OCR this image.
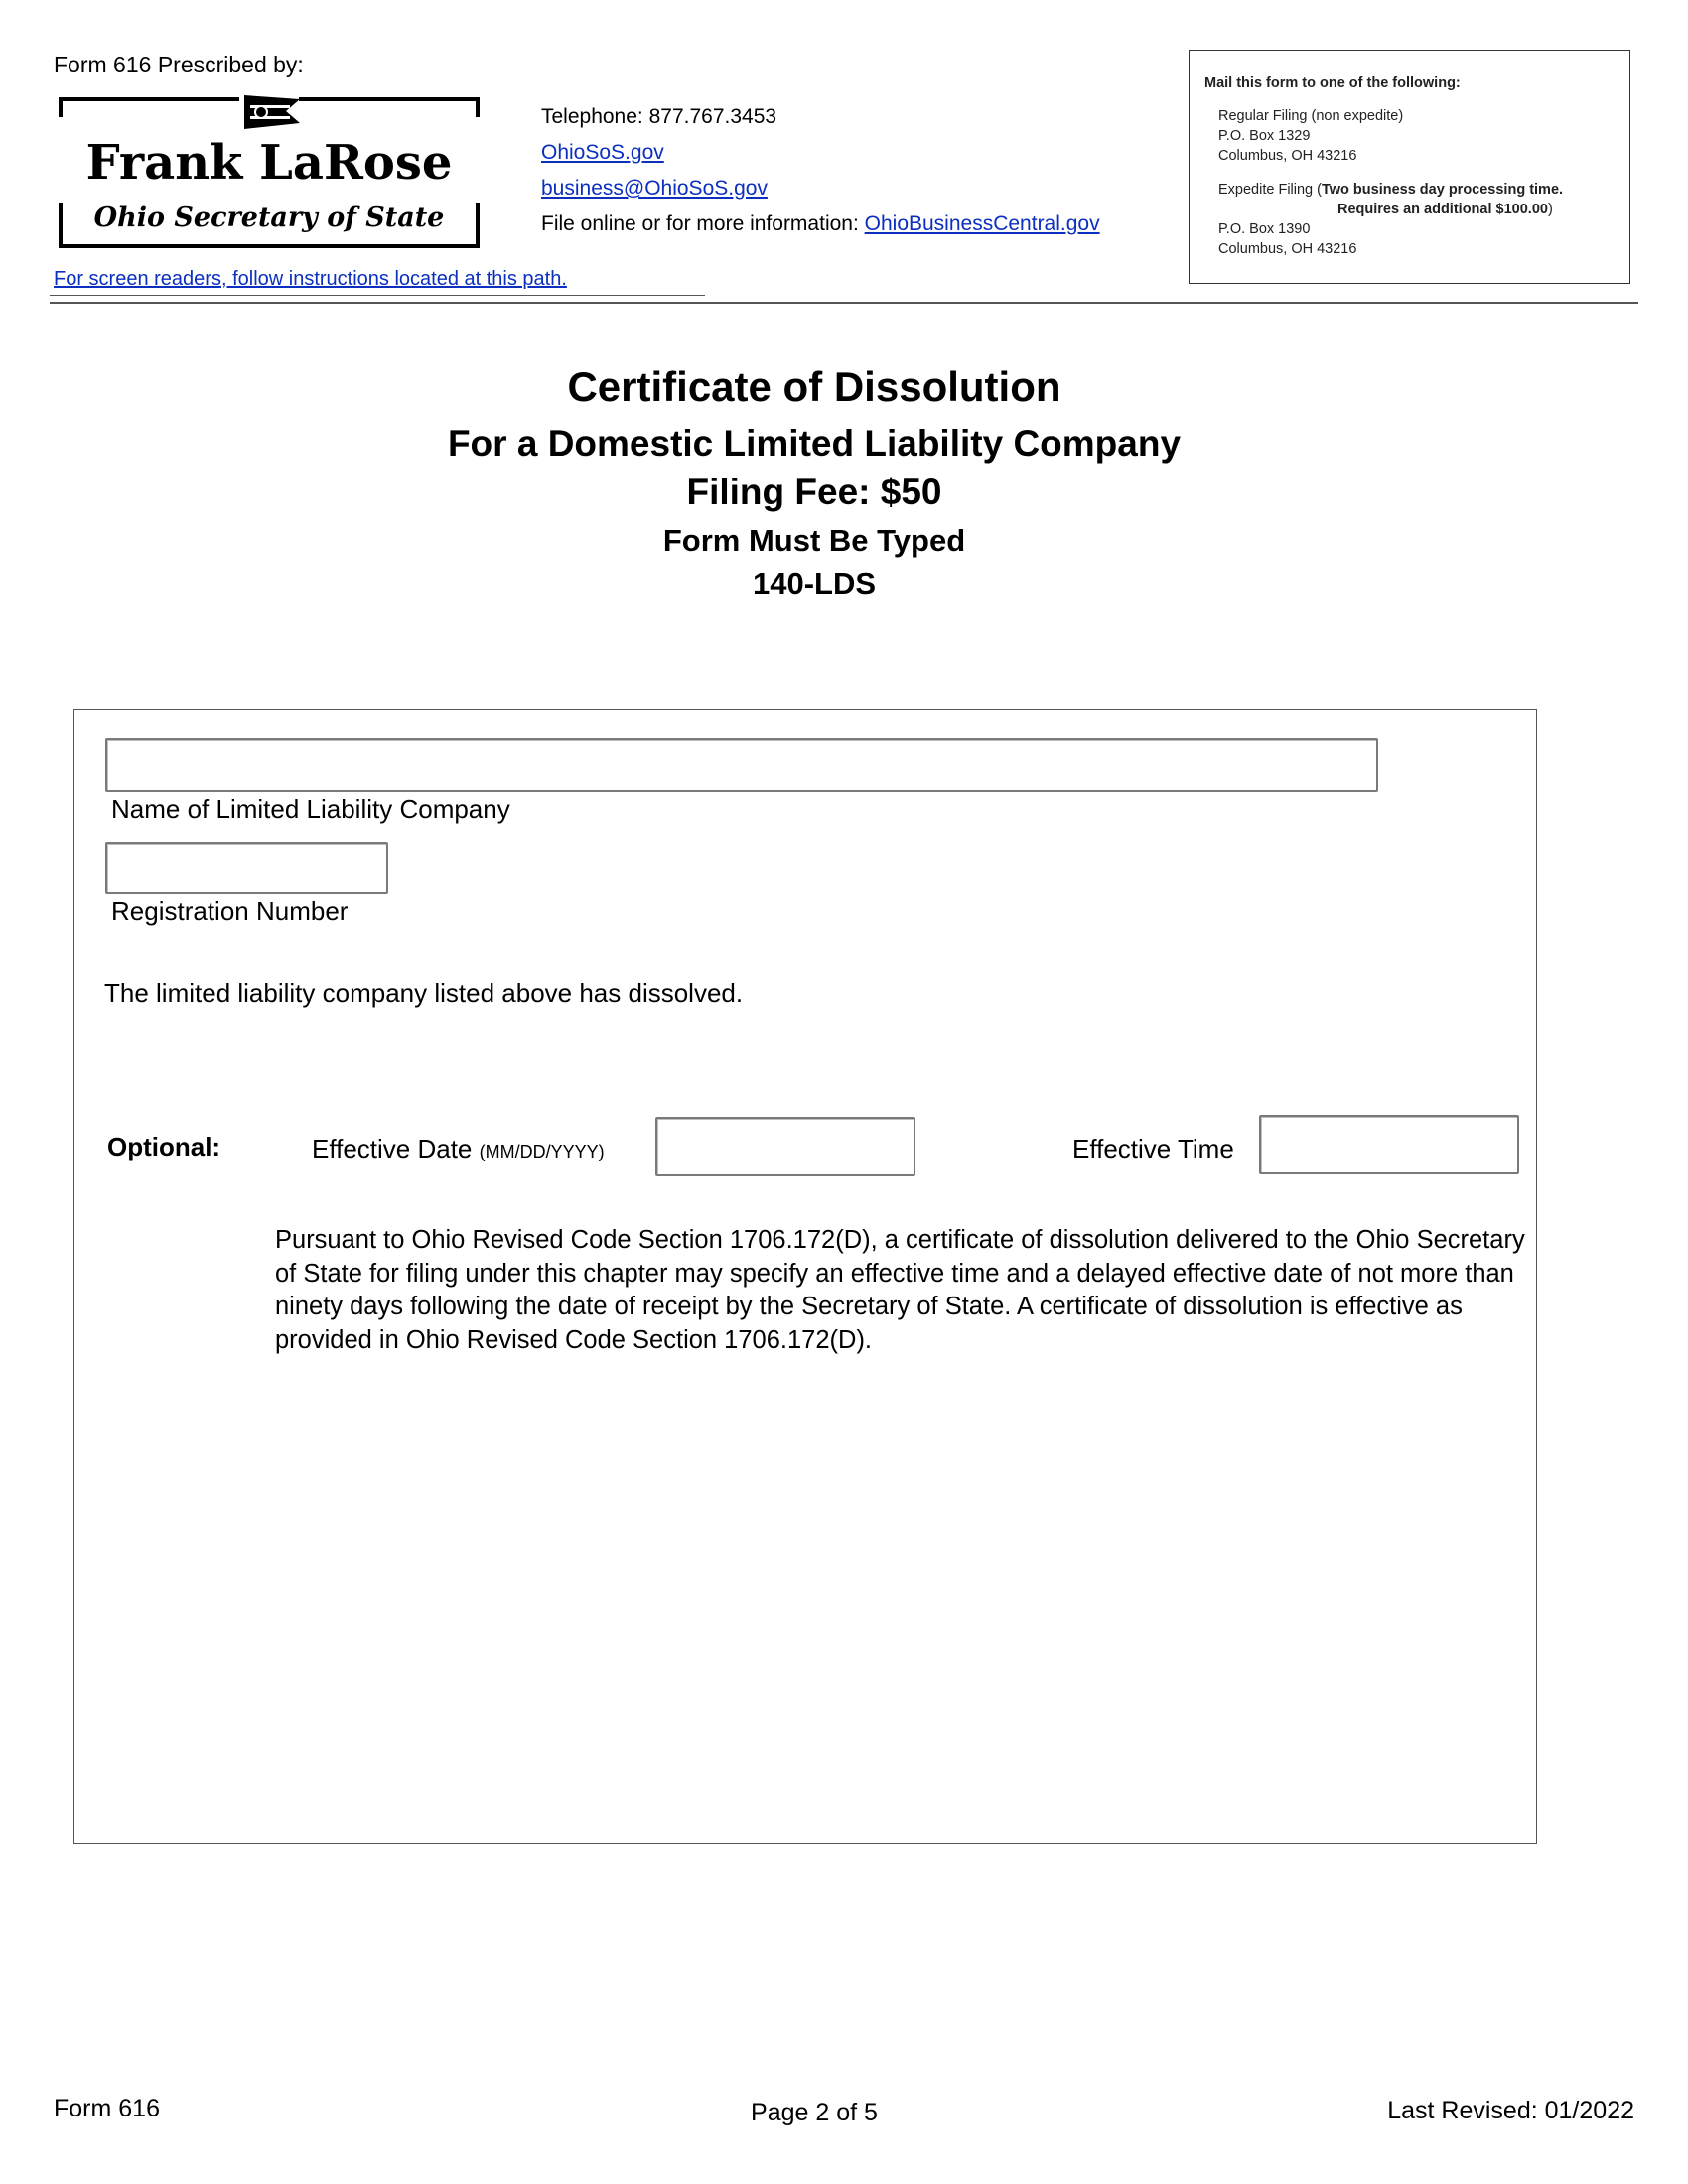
Form 616 Prescribed by:
Frank LaRose
Ohio Secretary of State
Telephone: 877.767.3453
OhioSoS.gov
business@OhioSoS.gov
File online or for more information: OhioBusinessCentral.gov
For screen readers, follow instructions located at this path.
Mail this form to one of the following:
Regular Filing (non expedite)
P.O. Box 1329
Columbus, OH 43216
Expedite Filing (Two business day processing time.
Requires an additional $100.00)
P.O. Box 1390
Columbus, OH 43216
Certificate of Dissolution
For a Domestic Limited Liability Company
Filing Fee: $50
Form Must Be Typed
140-LDS
Name of Limited Liability Company
Registration Number
The limited liability company listed above has dissolved.
Optional:	Effective Date (MM/DD/YYYY)	Effective Time
Pursuant to Ohio Revised Code Section 1706.172(D), a certificate of dissolution delivered to the Ohio Secretary of State for filing under this chapter may specify an effective time and a delayed effective date of not more than ninety days following the date of receipt by the Secretary of State. A certificate of dissolution is effective as provided in Ohio Revised Code Section 1706.172(D).
Form 616	Page 2 of 5	Last Revised: 01/2022
